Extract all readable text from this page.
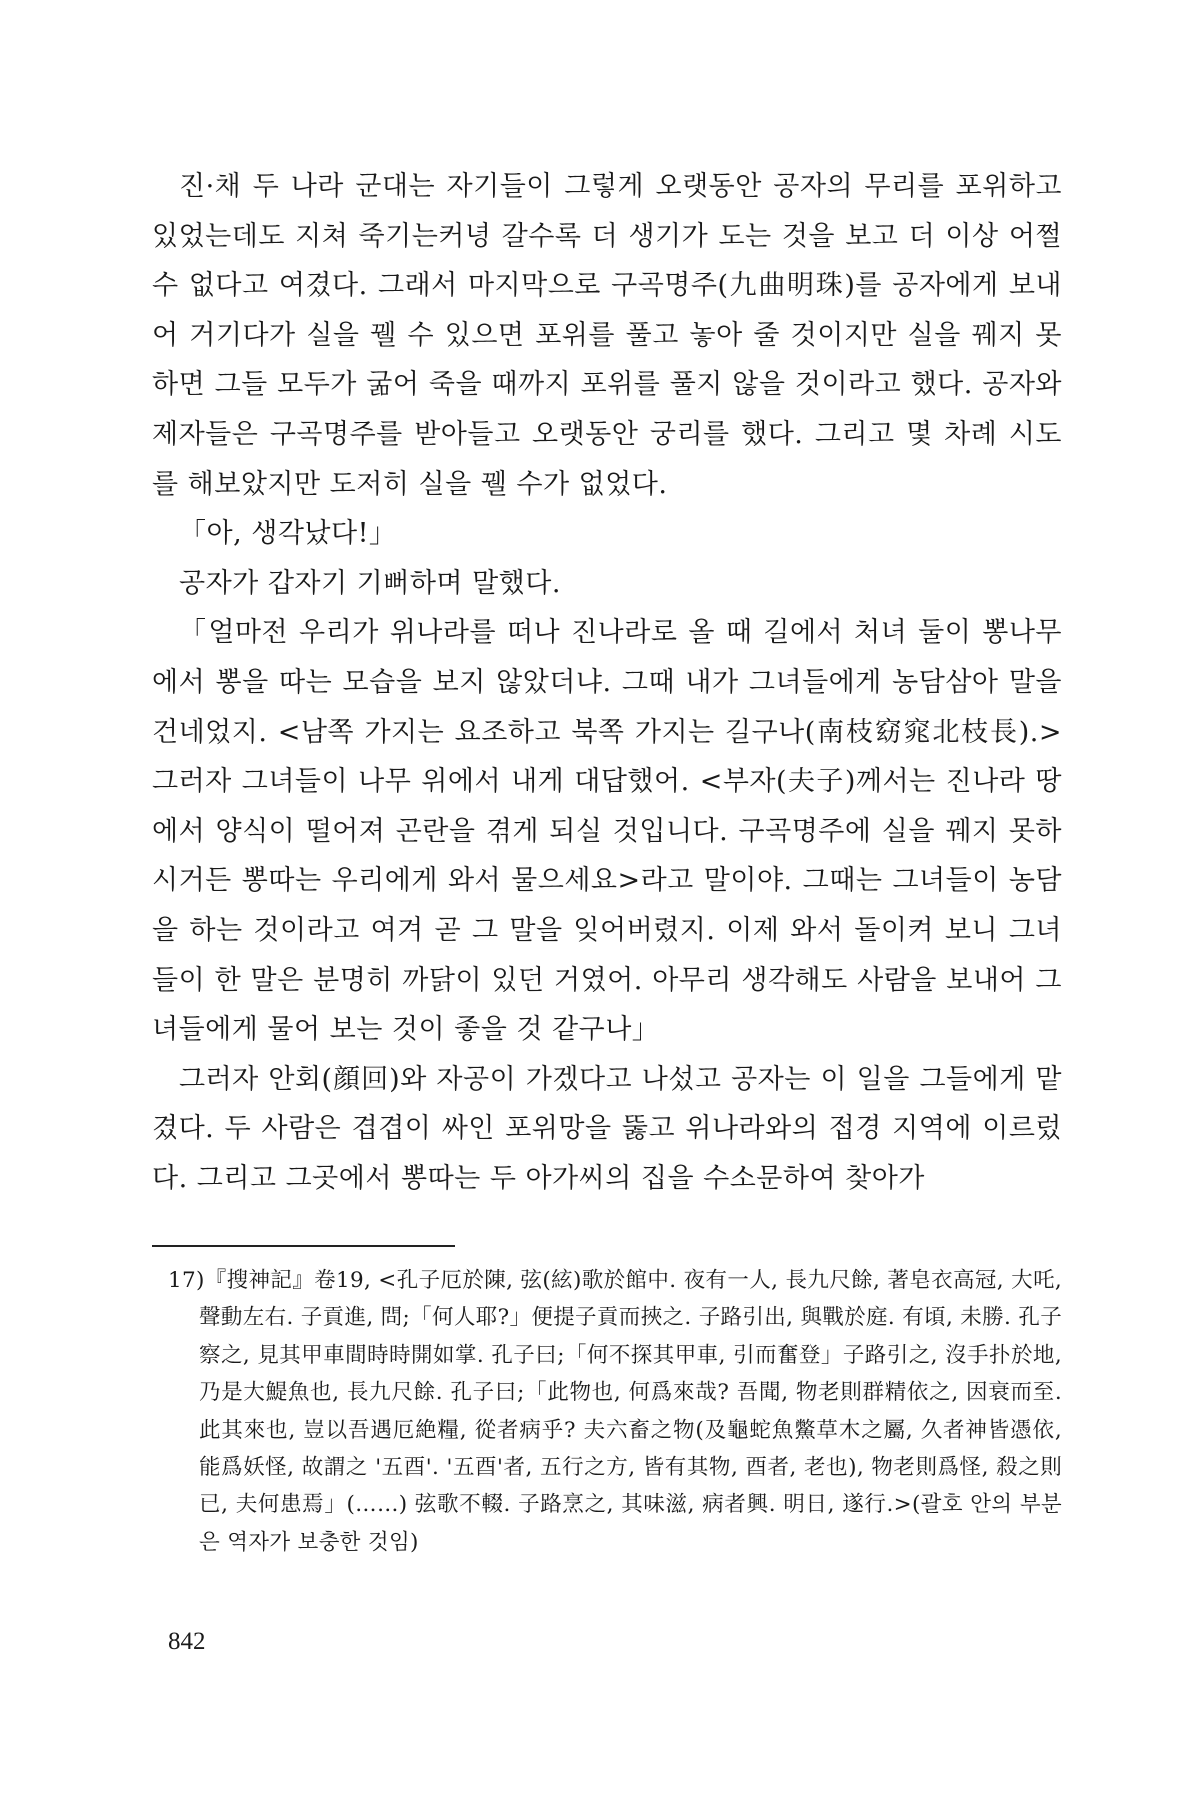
진·채 두 나라 군대는 자기들이 그렇게 오랫동안 공자의 무리를 포위하고 있었는데도 지쳐 죽기는커녕 갈수록 더 생기가 도는 것을 보고 더 이상 어쩔 수 없다고 여겼다. 그래서 마지막으로 구곡명주(九曲明珠)를 공자에게 보내어 거기다가 실을 꿸 수 있으면 포위를 풀고 놓아 줄 것이지만 실을 꿰지 못하면 그들 모두가 굶어 죽을 때까지 포위를 풀지 않을 것이라고 했다. 공자와 제자들은 구곡명주를 받아들고 오랫동안 궁리를 했다. 그리고 몇 차례 시도를 해보았지만 도저히 실을 꿸 수가 없었다.

「아, 생각났다!」

공자가 갑자기 기뻐하며 말했다.

「얼마전 우리가 위나라를 떠나 진나라로 올 때 길에서 처녀 둘이 뽕나무에서 뽕을 따는 모습을 보지 않았더냐. 그때 내가 그녀들에게 농담삼아 말을 건네었지. <남쪽 가지는 요조하고 북쪽 가지는 길구나(南枝窈窕北枝長).> 그러자 그녀들이 나무 위에서 내게 대답했어. <부자(夫子)께서는 진나라 땅에서 양식이 떨어져 곤란을 겪게 되실 것입니다. 구곡명주에 실을 꿰지 못하시거든 뽕따는 우리에게 와서 물으세요>라고 말이야. 그때는 그녀들이 농담을 하는 것이라고 여겨 곧 그 말을 잊어버렸지. 이제 와서 돌이켜 보니 그녀들이 한 말은 분명히 까닭이 있던 거였어. 아무리 생각해도 사람을 보내어 그녀들에게 물어 보는 것이 좋을 것 같구나」

그러자 안회(顔回)와 자공이 가겠다고 나섰고 공자는 이 일을 그들에게 맡겼다. 두 사람은 겹겹이 싸인 포위망을 뚫고 위나라와의 접경 지역에 이르렀다. 그리고 그곳에서 뽕따는 두 아가씨의 집을 수소문하여 찾아가

17)『搜神記』卷19, <孔子厄於陳, 弦(絃)歌於館中. 夜有一人, 長九尺餘, 著皂衣高冠, 大吒, 聲動左右. 子貢進, 問;「何人耶?」便提子貢而挾之. 子路引出, 與戰於庭. 有頃, 未勝. 孔子察之, 見其甲車間時時開如掌. 孔子曰;「何不探其甲車, 引而奮登」子路引之, 沒手扑於地, 乃是大鯷魚也, 長九尺餘. 孔子曰;「此物也, 何爲來哉? 吾聞, 物老則群精依之, 因衰而至. 此其來也, 豈以吾遇厄絶糧, 從者病乎? 夫六畜之物(及龜蛇魚鱉草木之屬, 久者神皆憑依, 能爲妖怪, 故謂之 '五酉'. '五酉'者, 五行之方, 皆有其物, 酉者, 老也), 物老則爲怪, 殺之則已, 夫何患焉」(……) 弦歌不輟. 子路烹之, 其味滋, 病者興. 明日, 遂行.>(괄호 안의 부분은 역자가 보충한 것임)

842
